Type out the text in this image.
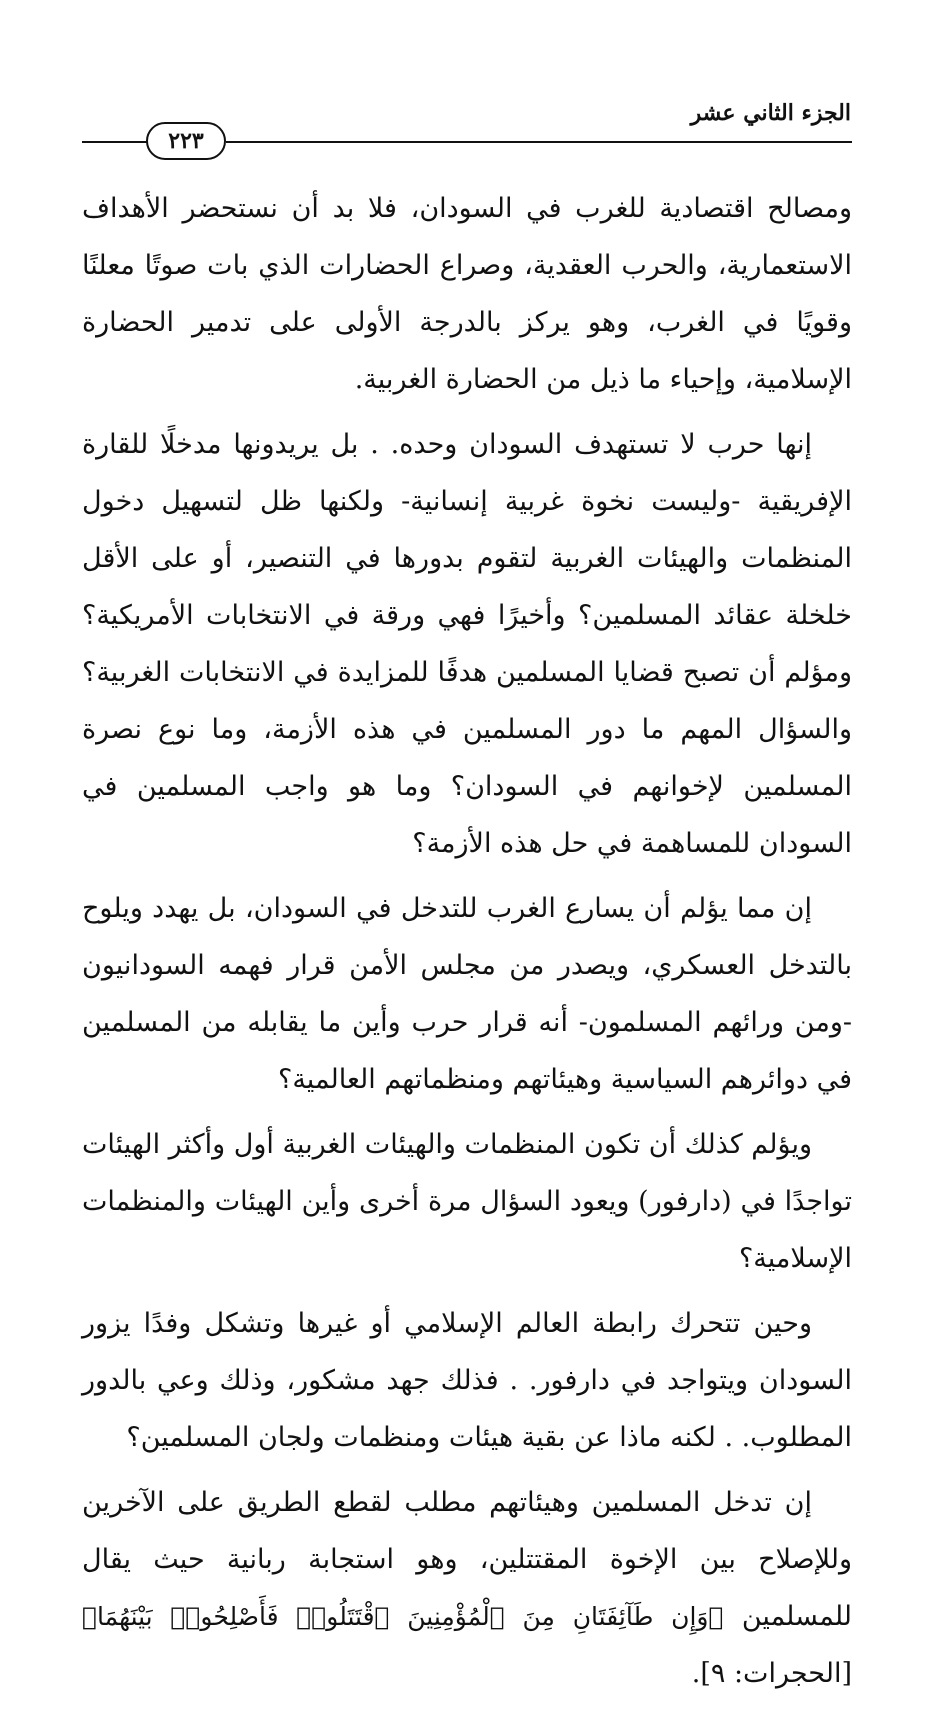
الجزء الثاني عشر
٢٢٣

ومصالح اقتصادية للغرب في السودان، فلا بد أن نستحضر الأهداف الاستعمارية، والحرب العقدية، وصراع الحضارات الذي بات صوتًا معلنًا وقويًا في الغرب، وهو يركز بالدرجة الأولى على تدمير الحضارة الإسلامية، وإحياء ما ذيل من الحضارة الغربية.

إنها حرب لا تستهدف السودان وحده. . بل يريدونها مدخلًا للقارة الإفريقية -وليست نخوة غربية إنسانية- ولكنها ظل لتسهيل دخول المنظمات والهيئات الغربية لتقوم بدورها في التنصير، أو على الأقل خلخلة عقائد المسلمين؟ وأخيرًا فهي ورقة في الانتخابات الأمريكية؟ ومؤلم أن تصبح قضايا المسلمين هدفًا للمزايدة في الانتخابات الغربية؟ والسؤال المهم ما دور المسلمين في هذه الأزمة، وما نوع نصرة المسلمين لإخوانهم في السودان؟ وما هو واجب المسلمين في السودان للمساهمة في حل هذه الأزمة؟

إن مما يؤلم أن يسارع الغرب للتدخل في السودان، بل يهدد ويلوح بالتدخل العسكري، ويصدر من مجلس الأمن قرار فهمه السودانيون -ومن ورائهم المسلمون- أنه قرار حرب وأين ما يقابله من المسلمين في دوائرهم السياسية وهيئاتهم ومنظماتهم العالمية؟

ويؤلم كذلك أن تكون المنظمات والهيئات الغربية أول وأكثر الهيئات تواجدًا في (دارفور) ويعود السؤال مرة أخرى وأين الهيئات والمنظمات الإسلامية؟

وحين تتحرك رابطة العالم الإسلامي أو غيرها وتشكل وفدًا يزور السودان ويتواجد في دارفور. . فذلك جهد مشكور، وذلك وعي بالدور المطلوب. . لكنه ماذا عن بقية هيئات ومنظمات ولجان المسلمين؟

إن تدخل المسلمين وهيئاتهم مطلب لقطع الطريق على الآخرين وللإصلاح بين الإخوة المقتتلين، وهو استجابة ربانية حيث يقال للمسلمين ﴿وَإِن طَآئِفَتَانِ مِنَ ٱلْمُؤْمِنِينَ ٱقْتَتَلُوا۟ فَأَصْلِحُوا۟ بَيْنَهُمَا﴾ [الحجرات: ٩].
